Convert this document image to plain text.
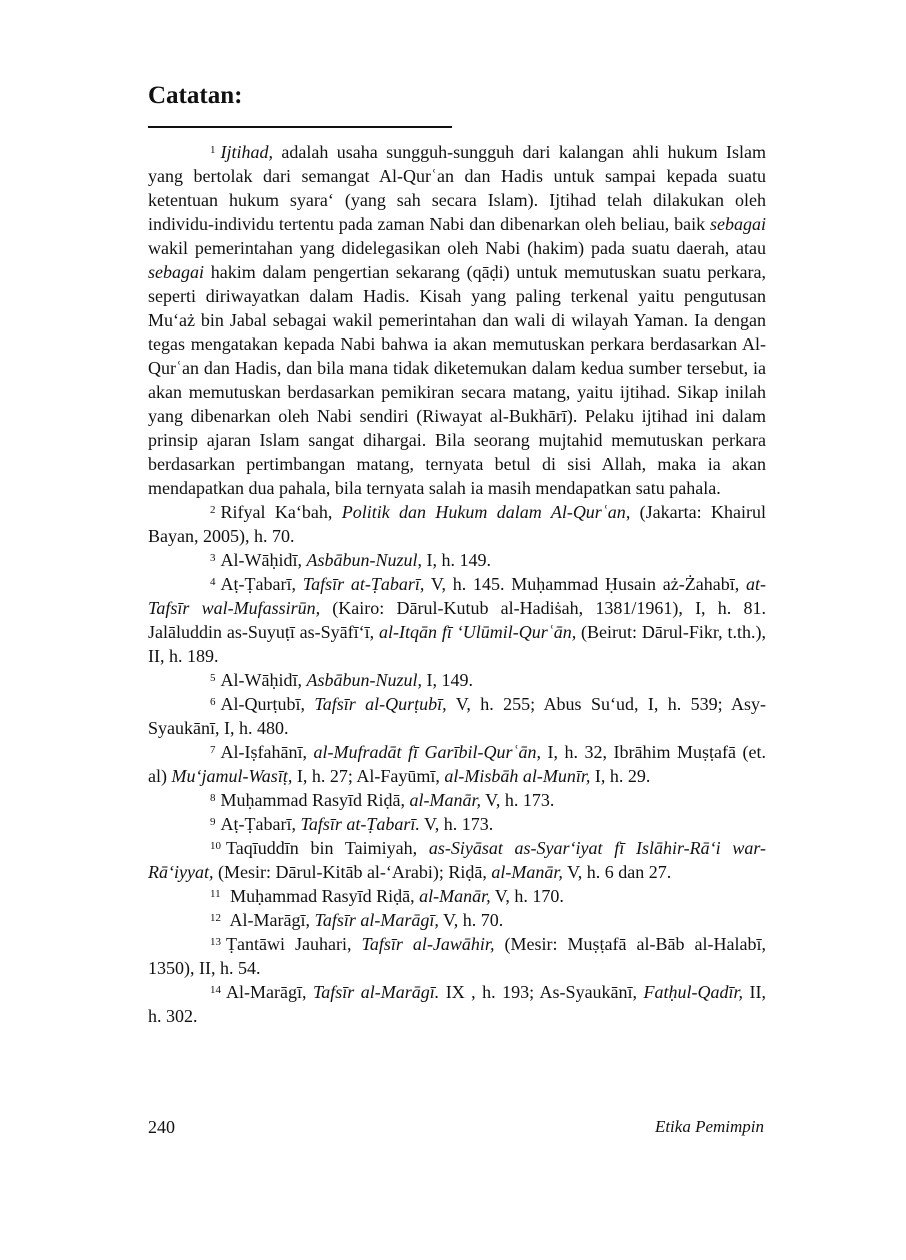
Catatan:

$^1$ Ijtihad, adalah usaha sungguh-sungguh dari kalangan ahli hukum Islam yang bertolak dari semangat Al-Qurʿan dan Hadis untuk sampai kepada suatu ketentuan hukum syara‘ (yang sah secara Islam). Ijtihad telah dilakukan oleh individu-individu tertentu pada zaman Nabi dan dibenarkan oleh beliau, baik sebagai wakil pemerintahan yang didelegasikan oleh Nabi (hakim) pada suatu daerah, atau sebagai hakim dalam pengertian sekarang (qāḍi) untuk memutuskan suatu perkara, seperti diriwayatkan dalam Hadis. Kisah yang paling terkenal yaitu pengutusan Mu‘aż bin Jabal sebagai wakil pemerintahan dan wali di wilayah Yaman. Ia dengan tegas mengatakan kepada Nabi bahwa ia akan memutuskan perkara berdasarkan Al-Qurʿan dan Hadis, dan bila mana tidak diketemukan dalam kedua sumber tersebut, ia akan memutuskan berdasarkan pemikiran secara matang, yaitu ijtihad. Sikap inilah yang dibenarkan oleh Nabi sendiri (Riwayat al-Bukhārī). Pelaku ijtihad ini dalam prinsip ajaran Islam sangat dihargai. Bila seorang mujtahid memutuskan perkara berdasarkan pertimbangan matang, ternyata betul di sisi Allah, maka ia akan mendapatkan dua pahala, bila ternyata salah ia masih mendapatkan satu pahala.

$^2$ Rifyal Ka‘bah, Politik dan Hukum dalam Al-Qurʿan, (Jakarta: Khairul Bayan, 2005), h. 70.

$^3$ Al-Wāḥidī, Asbābun-Nuzul, I, h. 149.

$^4$ Aṭ-Ṭabarī, Tafsīr at-Ṭabarī, V, h. 145. Muḥammad Ḥusain aż-Żahabī, at-Tafsīr wal-Mufassirūn, (Kairo: Dārul-Kutub al-Hadiṡah, 1381/1961), I, h. 81. Jalāluddin as-Suyuṭī as-Syāfī‘ī, al-Itqān fī ‘Ulūmil-Qurʿān, (Beirut: Dārul-Fikr, t.th.), II, h. 189.

$^5$ Al-Wāḥidī, Asbābun-Nuzul, I, 149.

$^6$ Al-Qurṭubī, Tafsīr al-Qurṭubī, V, h. 255; Abus Su‘ud, I, h. 539; Asy-Syaukānī, I, h. 480.

$^7$ Al-Iṣfahānī, al-Mufradāt fī Garībil-Qurʿān, I, h. 32, Ibrāhim Muṣṭafā (et. al) Mu‘jamul-Wasīṭ, I, h. 27; Al-Fayūmī, al-Misbāh al-Munīr, I, h. 29.

$^8$ Muḥammad Rasyīd Riḍā, al-Manār, V, h. 173.

$^9$ Aṭ-Ṭabarī, Tafsīr at-Ṭabarī. V, h. 173.

$^{10}$ Taqīuddīn bin Taimiyah, as-Siyāsat as-Syar‘iyat fī Islāhir-Rā‘i war-Rā‘iyyat, (Mesir: Dārul-Kitāb al-‘Arabi); Riḍā, al-Manār, V, h. 6 dan 27.

$^{11}$ Muḥammad Rasyīd Riḍā, al-Manār, V, h. 170.

$^{12}$ Al-Marāgī, Tafsīr al-Marāgī, V, h. 70.

$^{13}$ Ṭantāwi Jauhari, Tafsīr al-Jawāhir, (Mesir: Muṣṭafā al-Bāb al-Halabī, 1350), II, h. 54.

$^{14}$ Al-Marāgī, Tafsīr al-Marāgī. IX , h. 193; As-Syaukānī, Fatḥul-Qadīr, II, h. 302.

240	Etika Pemimpin
